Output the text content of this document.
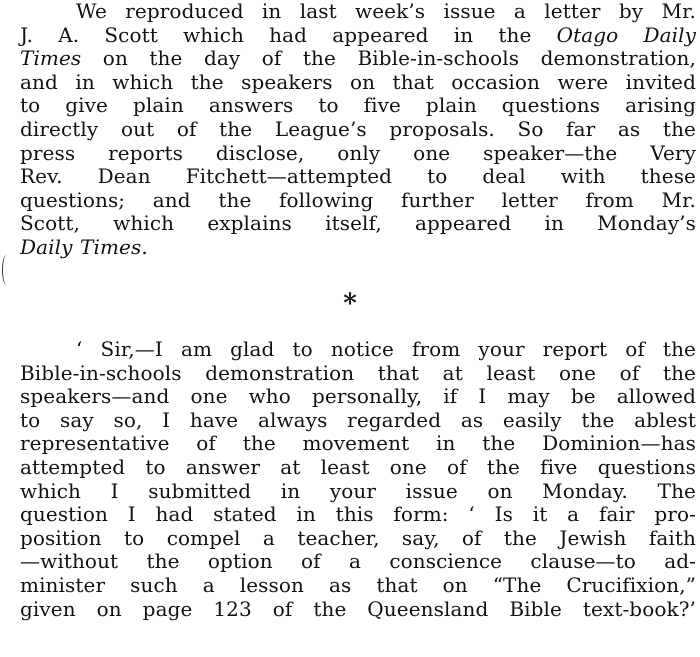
We reproduced in last week’s issue a letter by Mr.
J. A. Scott which had appeared in the Otago Daily
Times on the day of the Bible-in-schools demonstration,
and in which the speakers on that occasion were invited
to give plain answers to five plain questions arising
directly out of the League’s proposals. So far as the
press reports disclose, only one speaker—the Very
Rev. Dean Fitchett—attempted to deal with these
questions; and the following further letter from Mr.
Scott, which explains itself, appeared in Monday’s
Daily Times.
*
‘ Sir,—I am glad to notice from your report of the
Bible-in-schools demonstration that at least one of the
speakers—and one who personally, if I may be allowed
to say so, I have always regarded as easily the ablest
representative of the movement in the Dominion—has
attempted to answer at least one of the five questions
which I submitted in your issue on Monday. The
question I had stated in this form: ‘ Is it a fair pro-
position to compel a teacher, say, of the Jewish faith
—without the option of a conscience clause—to ad-
minister such a lesson as that on “The Crucifixion,”
given on page 123 of the Queensland Bible text-book?’
